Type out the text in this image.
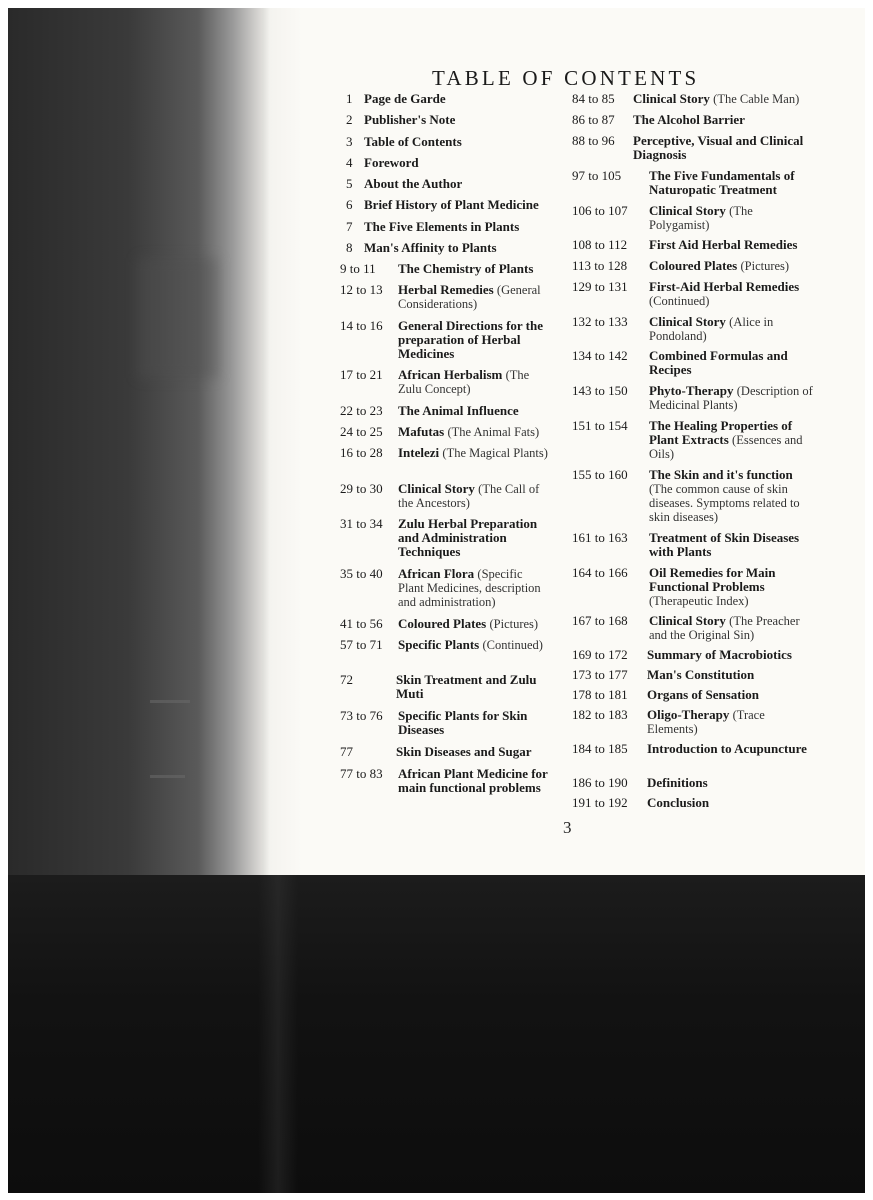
TABLE OF CONTENTS
1 Page de Garde
2 Publisher's Note
3 Table of Contents
4 Foreword
5 About the Author
6 Brief History of Plant Medicine
7 The Five Elements in Plants
8 Man's Affinity to Plants
9 to 11 The Chemistry of Plants
12 to 13 Herbal Remedies (General Considerations)
14 to 16 General Directions for the preparation of Herbal Medicines
17 to 21 African Herbalism (The Zulu Concept)
22 to 23 The Animal Influence
24 to 25 Mafutas (The Animal Fats)
16 to 28 Intelezi (The Magical Plants)
29 to 30 Clinical Story (The Call of the Ancestors)
31 to 34 Zulu Herbal Preparation and Administration Techniques
35 to 40 African Flora (Specific Plant Medicines, description and administration)
41 to 56 Coloured Plates (Pictures)
57 to 71 Specific Plants (Continued)
72	Skin Treatment and Zulu Muti
73 to 76 Specific Plants for Skin Diseases
77	Skin Diseases and Sugar
77 to 83 African Plant Medicine for main functional problems
84 to 85 Clinical Story (The Cable Man)
86 to 87 The Alcohol Barrier
88 to 96 Perceptive, Visual and Clinical Diagnosis
97 to 105 The Five Fundamentals of Naturopatic Treatment
106 to 107 Clinical Story (The Polygamist)
108 to 112 First Aid Herbal Remedies
113 to 128 Coloured Plates (Pictures)
129 to 131 First-Aid Herbal Remedies (Continued)
132 to 133 Clinical Story (Alice in Pondoland)
134 to 142 Combined Formulas and Recipes
143 to 150 Phyto-Therapy (Description of Medicinal Plants)
151 to 154 The Healing Properties of Plant Extracts (Essences and Oils)
155 to 160 The Skin and it's function (The common cause of skin diseases. Symptoms related to skin diseases)
161 to 163 Treatment of Skin Diseases with Plants
164 to 166 Oil Remedies for Main Functional Problems (Therapeutic Index)
167 to 168 Clinical Story (The Preacher and the Original Sin)
169 to 172 Summary of Macrobiotics
173 to 177 Man's Constitution
178 to 181 Organs of Sensation
182 to 183 Oligo-Therapy (Trace Elements)
184 to 185 Introduction to Acupuncture
186 to 190 Definitions
191 to 192 Conclusion
3
